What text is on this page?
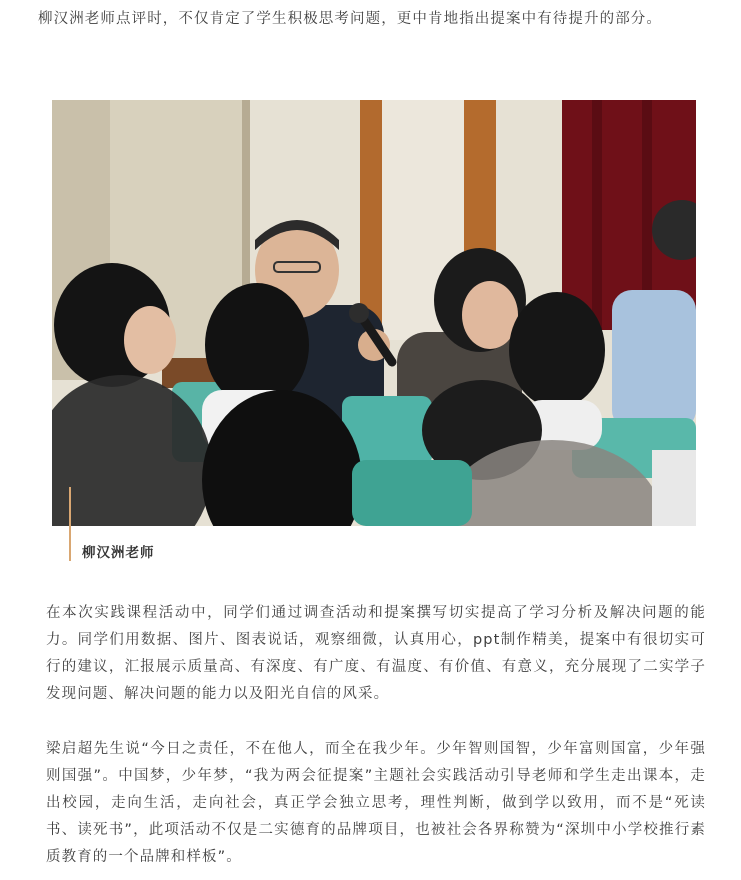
柳汉洲老师点评时，不仅肯定了学生积极思考问题，更中肯地指出提案中有待提升的部分。

柳汉洲老师

在本次实践课程活动中，同学们通过调查活动和提案撰写切实提高了学习分析及解决问题的能力。同学们用数据、图片、图表说话，观察细微，认真用心，ppt制作精美，提案中有很切实可行的建议，汇报展示质量高、有深度、有广度、有温度、有价值、有意义，充分展现了二实学子发现问题、解决问题的能力以及阳光自信的风采。

梁启超先生说“今日之责任，不在他人，而全在我少年。少年智则国智，少年富则国富，少年强则国强”。中国梦，少年梦，“我为两会征提案”主题社会实践活动引导老师和学生走出课本，走出校园，走向生活，走向社会，真正学会独立思考，理性判断，做到学以致用，而不是“死读书、读死书”，此项活动不仅是二实德育的品牌项目，也被社会各界称赞为“深圳中小学校推行素质教育的一个品牌和样板”。
